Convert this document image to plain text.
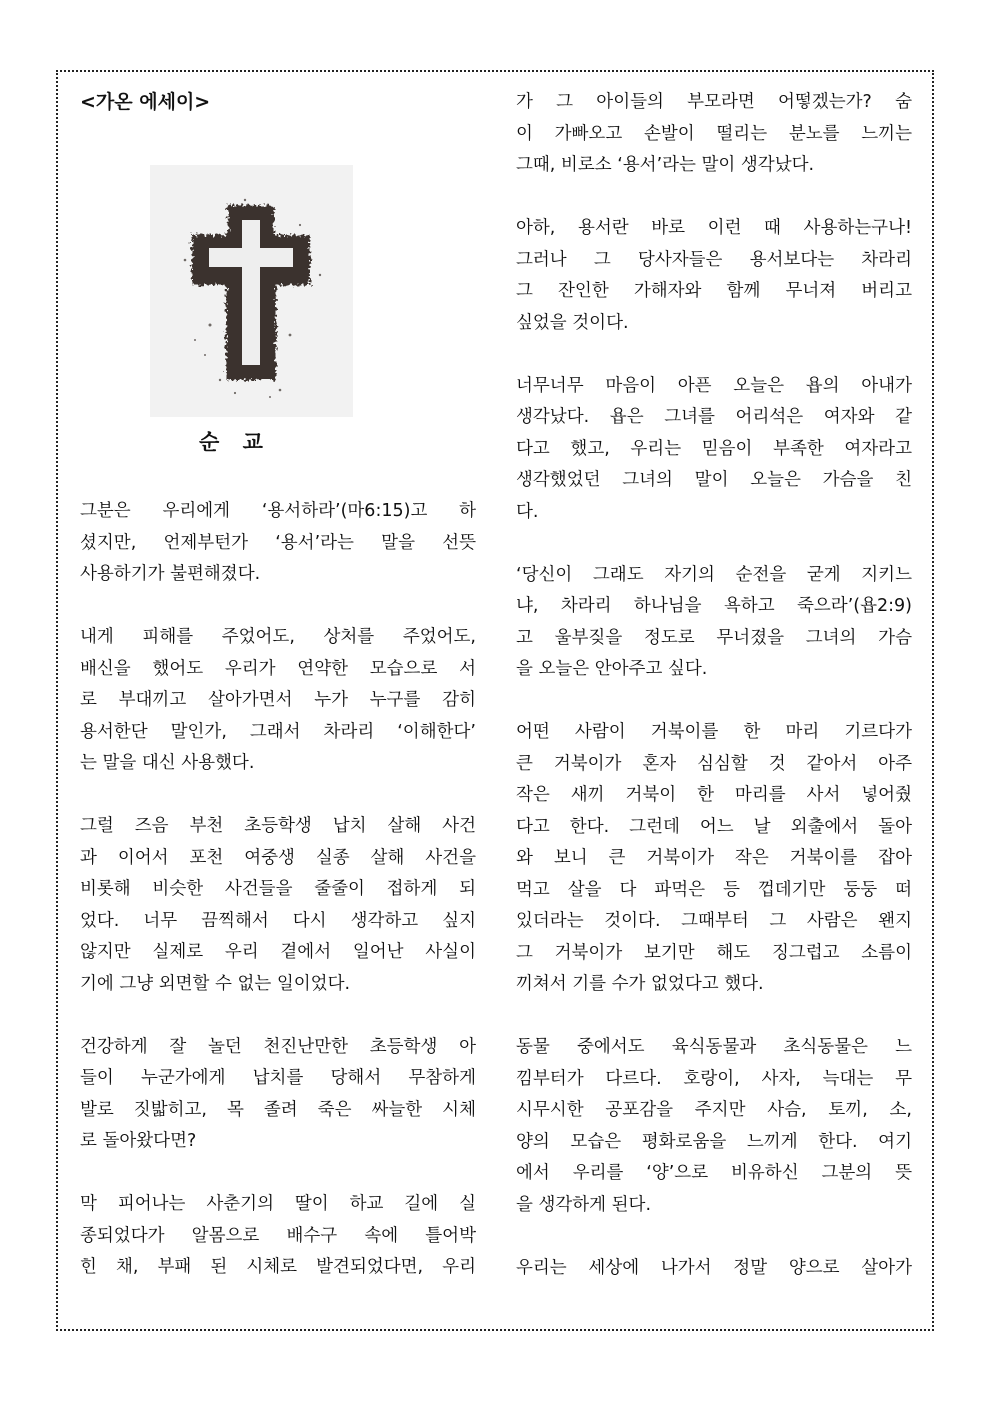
<가온 에세이>
순 교

그분은 우리에게 ‘용서하라’(마6:15)고 하
셨지만, 언제부턴가 ‘용서’라는 말을 선뜻
사용하기가 불편해졌다.

내게 피해를 주었어도, 상처를 주었어도,
배신을 했어도 우리가 연약한 모습으로 서
로 부대끼고 살아가면서 누가 누구를 감히
용서한단 말인가, 그래서 차라리 ‘이해한다’
는 말을 대신 사용했다.

그럴 즈음 부천 초등학생 납치 살해 사건
과 이어서 포천 여중생 실종 살해 사건을
비롯해 비슷한 사건들을 줄줄이 접하게 되
었다. 너무 끔찍해서 다시 생각하고 싶지
않지만 실제로 우리 곁에서 일어난 사실이
기에 그냥 외면할 수 없는 일이었다.

건강하게 잘 놀던 천진난만한 초등학생 아
들이 누군가에게 납치를 당해서 무참하게
발로 짓밟히고, 목 졸려 죽은 싸늘한 시체
로 돌아왔다면?

막 피어나는 사춘기의 딸이 하교 길에 실
종되었다가 알몸으로 배수구 속에 틀어박
힌 채, 부패 된 시체로 발견되었다면, 우리

가 그 아이들의 부모라면 어떻겠는가? 숨
이 가빠오고 손발이 떨리는 분노를 느끼는
그때, 비로소 ‘용서’라는 말이 생각났다.

아하, 용서란 바로 이런 때 사용하는구나!
그러나 그 당사자들은 용서보다는 차라리
그 잔인한 가해자와 함께 무너져 버리고
싶었을 것이다.

너무너무 마음이 아픈 오늘은 욥의 아내가
생각났다. 욥은 그녀를 어리석은 여자와 같
다고 했고, 우리는 믿음이 부족한 여자라고
생각했었던 그녀의 말이 오늘은 가슴을 친
다.

‘당신이 그래도 자기의 순전을 굳게 지키느
냐, 차라리 하나님을 욕하고 죽으라’(욥2:9)
고 울부짖을 정도로 무너졌을 그녀의 가슴
을 오늘은 안아주고 싶다.

어떤 사람이 거북이를 한 마리 기르다가
큰 거북이가 혼자 심심할 것 같아서 아주
작은 새끼 거북이 한 마리를 사서 넣어줬
다고 한다. 그런데 어느 날 외출에서 돌아
와 보니 큰 거북이가 작은 거북이를 잡아
먹고 살을 다 파먹은 등 껍데기만 둥둥 떠
있더라는 것이다. 그때부터 그 사람은 왠지
그 거북이가 보기만 해도 징그럽고 소름이
끼쳐서 기를 수가 없었다고 했다.

동물 중에서도 육식동물과 초식동물은 느
낌부터가 다르다. 호랑이, 사자, 늑대는 무
시무시한 공포감을 주지만 사슴, 토끼, 소,
양의 모습은 평화로움을 느끼게 한다. 여기
에서 우리를 ‘양’으로 비유하신 그분의 뜻
을 생각하게 된다.

우리는 세상에 나가서 정말 양으로 살아가
